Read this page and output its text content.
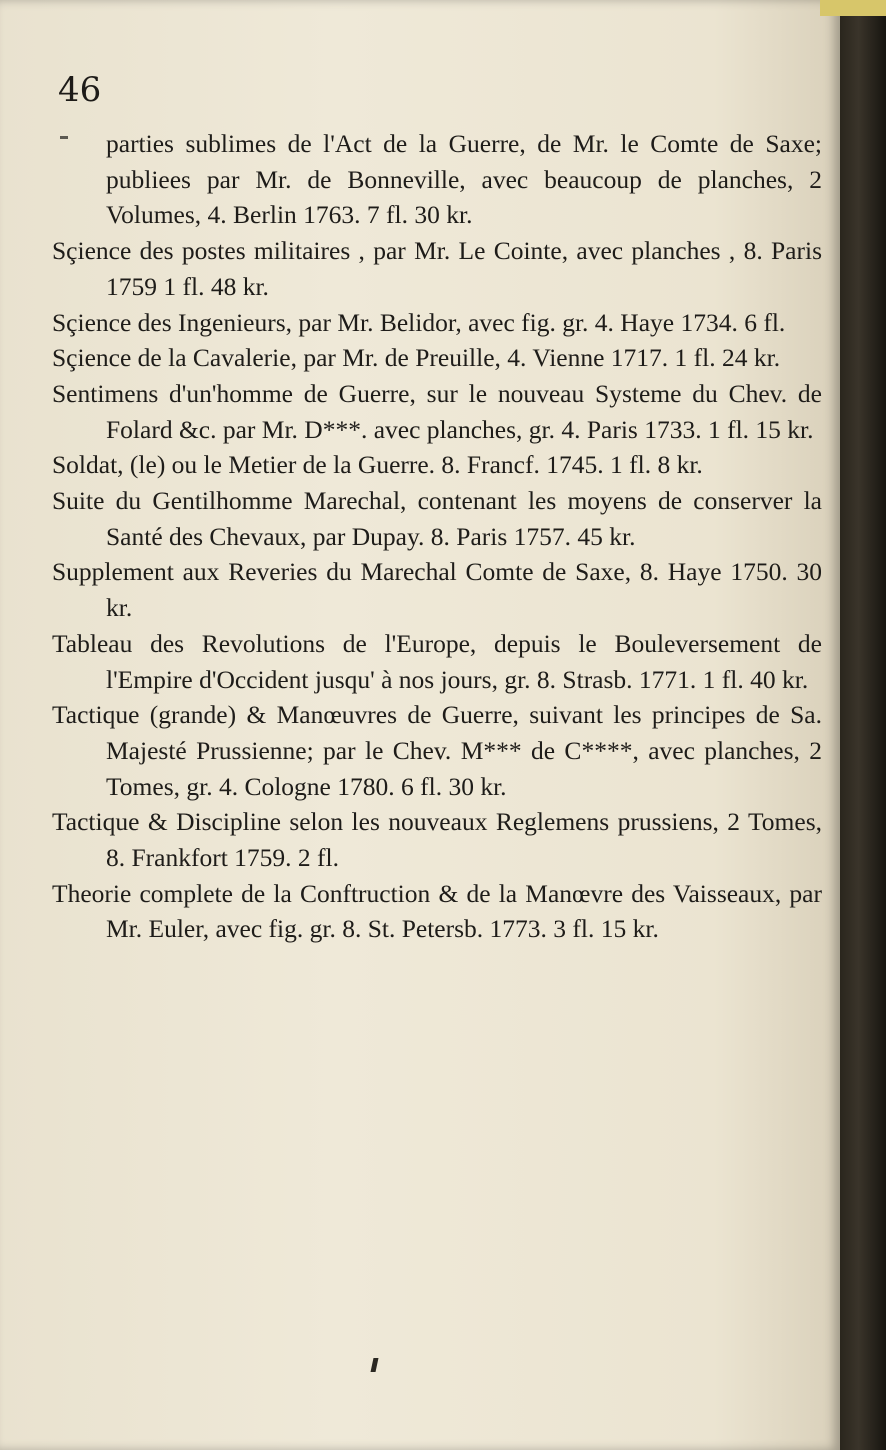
46

parties sublimes de l'Act de la Guerre, de Mr. le Comte de Saxe; publiees par Mr. de Bonneville, avec beaucoup de planches, 2 Volumes, 4. Berlin 1763. 7 fl. 30 kr.

Sçience des postes militaires , par Mr. Le Cointe, avec planches , 8. Paris 1759 1 fl. 48 kr.

Sçience des Ingenieurs, par Mr. Belidor, avec fig. gr. 4. Haye 1734. 6 fl.

Sçience de la Cavalerie, par Mr. de Preuille, 4. Vienne 1717. 1 fl. 24 kr.

Sentimens d'un'homme de Guerre, sur le nouveau Systeme du Chev. de Folard &c. par Mr. D***. avec planches, gr. 4. Paris 1733. 1 fl. 15 kr.

Soldat, (le) ou le Metier de la Guerre. 8. Francf. 1745. 1 fl. 8 kr.

Suite du Gentilhomme Marechal, contenant les moyens de conserver la Santé des Chevaux, par Dupay. 8. Paris 1757. 45 kr.

Supplement aux Reveries du Marechal Comte de Saxe, 8. Haye 1750. 30 kr.

Tableau des Revolutions de l'Europe, depuis le Bouleversement de l'Empire d'Occident jusqu' à nos jours, gr. 8. Strasb. 1771. 1 fl. 40 kr.

Tactique (grande) & Manœuvres de Guerre, suivant les principes de Sa. Majesté Prussienne; par le Chev. M*** de C****, avec planches, 2 Tomes, gr. 4. Cologne 1780. 6 fl. 30 kr.

Tactique & Discipline selon les nouveaux Reglemens prussiens, 2 Tomes, 8. Frankfort 1759. 2 fl.

Theorie complete de la Conftruction & de la Manœvre des Vaisseaux, par Mr. Euler, avec fig. gr. 8. St. Petersb. 1773. 3 fl. 15 kr.
